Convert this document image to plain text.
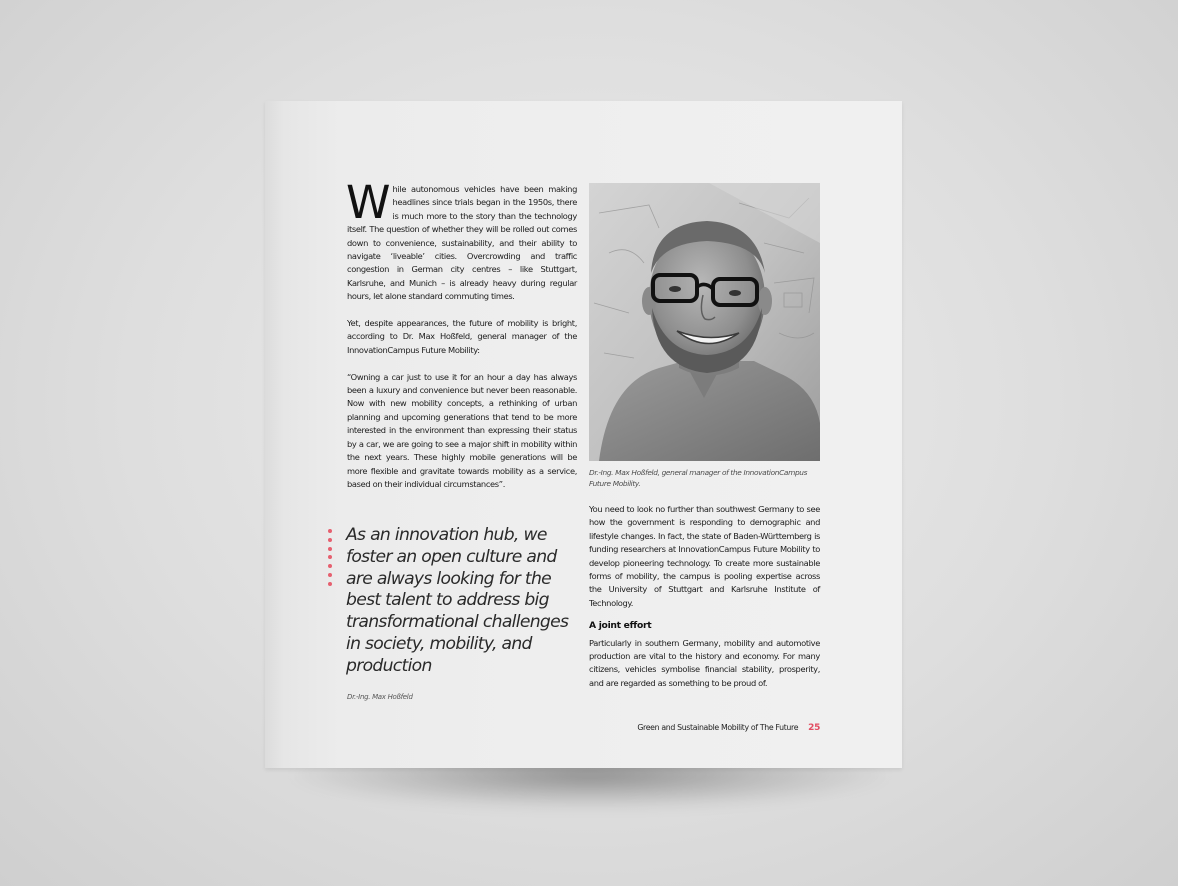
While autonomous vehicles have been making headlines since trials began in the 1950s, there is much more to the story than the technology itself. The question of whether they will be rolled out comes down to convenience, sustainability, and their ability to navigate ‘liveable’ cities. Overcrowding and traffic congestion in German city centres – like Stuttgart, Karlsruhe, and Munich – is already heavy during regular hours, let alone standard commuting times.

Yet, despite appearances, the future of mobility is bright, according to Dr. Max Hoßfeld, general manager of the InnovationCampus Future Mobility:

“Owning a car just to use it for an hour a day has always been a luxury and convenience but never been reasonable. Now with new mobility concepts, a rethinking of urban planning and upcoming generations that tend to be more interested in the environment than expressing their status by a car, we are going to see a major shift in mobility within the next years. These highly mobile generations will be more flexible and gravitate towards mobility as a service, based on their individual circumstances”.

As an innovation hub, we foster an open culture and are always looking for the best talent to address big transformational challenges in society, mobility, and production

Dr.-Ing. Max Hoßfeld

Dr.-Ing. Max Hoßfeld, general manager of the InnovationCampus Future Mobility.

You need to look no further than southwest Germany to see how the government is responding to demographic and lifestyle changes. In fact, the state of Baden-Württemberg is funding researchers at InnovationCampus Future Mobility to develop pioneering technology. To create more sustainable forms of mobility, the campus is pooling expertise across the University of Stuttgart and Karlsruhe Institute of Technology.

A joint effort

Particularly in southern Germany, mobility and automotive production are vital to the history and economy. For many citizens, vehicles symbolise financial stability, prosperity, and are regarded as something to be proud of.

Green and Sustainable Mobility of The Future 25
